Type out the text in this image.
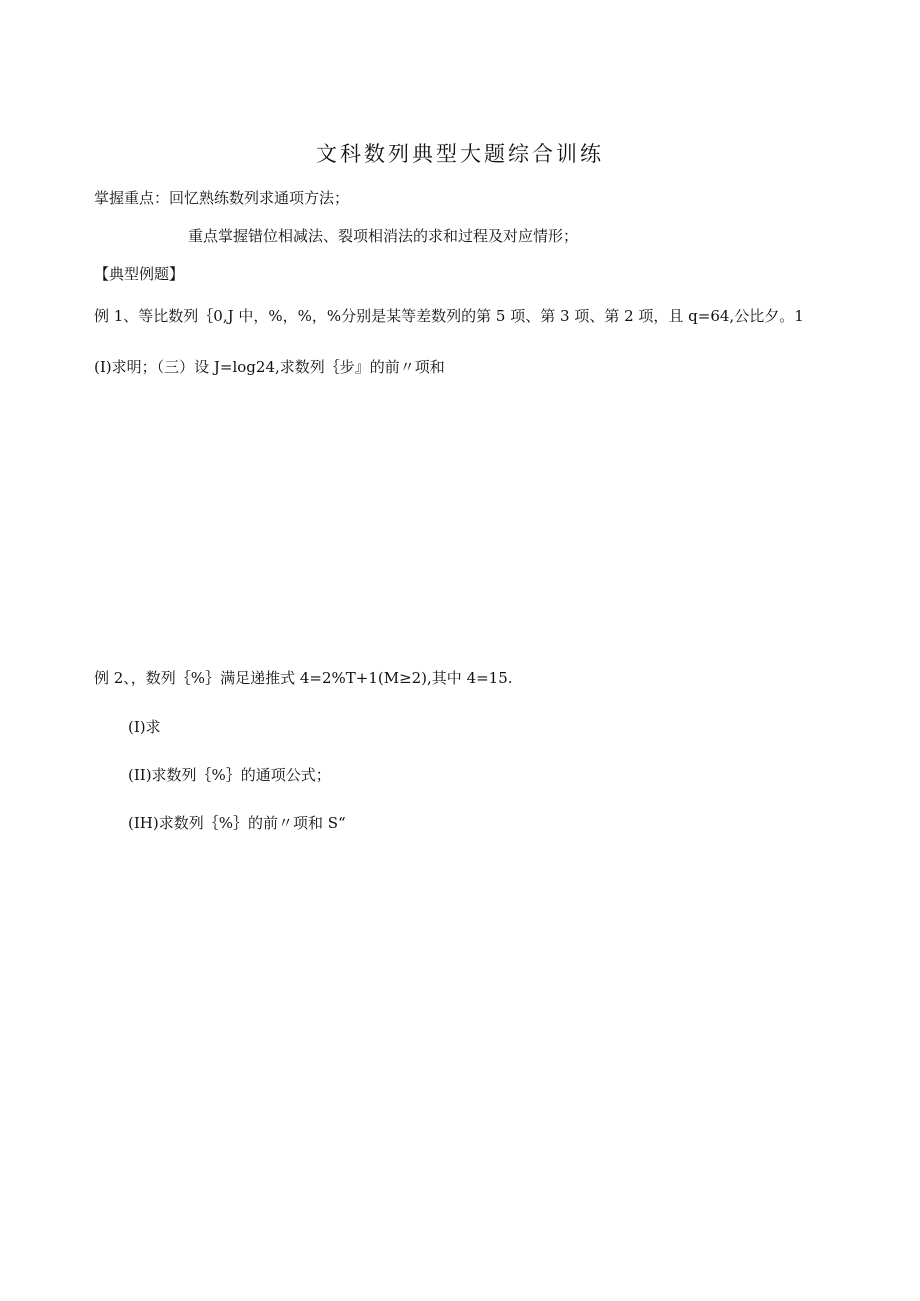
文科数列典型大题综合训练
掌握重点：回忆熟练数列求通项方法；
重点掌握错位相减法、裂项相消法的求和过程及对应情形；
【典型例题】
例 1、等比数列｛0,J 中，%，%，%分别是某等差数列的第 5 项、第 3 项、第 2 项，且 q=64,公比夕。1
(I)求明；（三）设 J=log24,求数列｛步』的前〃项和
例 2、，数列｛%｝满足递推式 4=2%T+1(M≥2),其中 4=15.
(I)求
(II)求数列｛%｝的通项公式；
(IH)求数列｛%｝的前〃项和 S“
